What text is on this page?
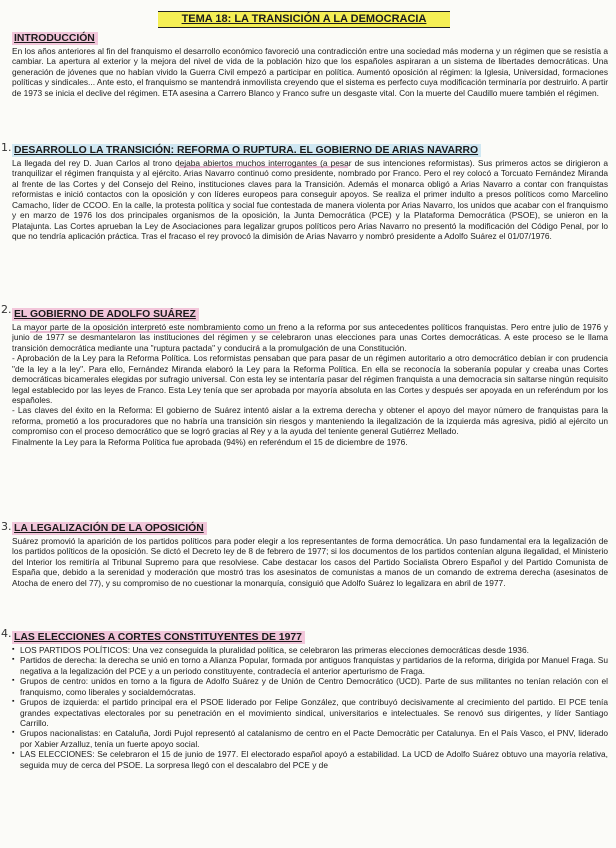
TEMA 18: LA TRANSICIÓN A LA DEMOCRACIA
1.
2.
3.
4.
INTRODUCCIÓN
En los años anteriores al fin del franquismo el desarrollo económico favoreció una contradicción entre una sociedad más moderna y un régimen que se resistía a cambiar. La apertura al exterior y la mejora del nivel de vida de la población hizo que los españoles aspiraran a un sistema de libertades democráticas. Una generación de jóvenes que no habían vivido la Guerra Civil empezó a participar en política. Aumentó oposición al régimen: la Iglesia, Universidad, formaciones políticas y sindicales... Ante esto, el franquismo se mantendrá inmovilista creyendo que el sistema es perfecto cuya modificación terminaría por destruirlo. A partir de 1973 se inicia el declive del régimen. ETA asesina a Carrero Blanco y Franco sufre un desgaste vital. Con la muerte del Caudillo muere también el régimen.
DESARROLLO LA TRANSICIÓN: REFORMA O RUPTURA. EL GOBIERNO DE ARIAS NAVARRO
La llegada del rey D. Juan Carlos al trono dejaba abiertos muchos interrogantes (a pesar de sus intenciones reformistas). Sus primeros actos se dirigieron a tranquilizar el régimen franquista y al ejército. Arias Navarro continuó como presidente, nombrado por Franco. Pero el rey colocó a Torcuato Fernández Miranda al frente de las Cortes y del Consejo del Reino, instituciones claves para la Transición. Además el monarca obligó a Arias Navarro a contar con franquistas reformistas e inició contactos con la oposición y con líderes europeos para conseguir apoyos. Se realiza el primer indulto a presos políticos como Marcelino Camacho, líder de CCOO. En la calle, la protesta política y social fue contestada de manera violenta por Arias Navarro, los unidos que acabar con el franquismo y en marzo de 1976 los dos principales organismos de la oposición, la Junta Democrática (PCE) y la Plataforma Democrática (PSOE), se unieron en la Platajunta. Las Cortes aprueban la Ley de Asociaciones para legalizar grupos políticos pero Arias Navarro no presentó la modificación del Código Penal, por lo que no tendría aplicación práctica. Tras el fracaso el rey provocó la dimisión de Arias Navarro y nombró presidente a Adolfo Suárez el 01/07/1976.
EL GOBIERNO DE ADOLFO SUÁREZ

La mayor parte de la oposición interpretó este nombramiento como un freno a la reforma por sus antecedentes políticos franquistas. Pero entre julio de 1976 y junio de 1977 se desmantelaron las instituciones del régimen y se celebraron unas elecciones para unas Cortes democráticas. A este proceso se le llama transición democrática mediante una "ruptura pactada" y conducirá a la promulgación de una Constitución.

- Aprobación de la Ley para la Reforma Política. Los reformistas pensaban que para pasar de un régimen autoritario a otro democrático debían ir con prudencia "de la ley a la ley". Para ello, Fernández Miranda elaboró la Ley para la Reforma Política. En ella se reconocía la soberanía popular y creaba unas Cortes democráticas bicamerales elegidas por sufragio universal. Con esta ley se intentaría pasar del régimen franquista a una democracia sin saltarse ningún requisito legal establecido por las leyes de Franco. Esta Ley tenía que ser aprobada por mayoría absoluta en las Cortes y después ser apoyada en un referéndum por los españoles.

- Las claves del éxito en la Reforma: El gobierno de Suárez intentó aislar a la extrema derecha y obtener el apoyo del mayor número de franquistas para la reforma, prometió a los procuradores que no habría una transición sin riesgos y manteniendo la ilegalización de la izquierda más agresiva, pidió al ejército un compromiso con el proceso democrático que se logró gracias al Rey y a la ayuda del teniente general Gutiérrez Mellado.

Finalmente la Ley para la Reforma Política fue aprobada (94%) en referéndum el 15 de diciembre de 1976.

LA LEGALIZACIÓN DE LA OPOSICIÓN
Suárez promovió la aparición de los partidos políticos para poder elegir a los representantes de forma democrática. Un paso fundamental era la legalización de los partidos políticos de la oposición. Se dictó el Decreto ley de 8 de febrero de 1977; si los documentos de los partidos contenían alguna ilegalidad, el Ministerio del Interior los remitiría al Tribunal Supremo para que resolviese. Cabe destacar los casos del Partido Socialista Obrero Español y del Partido Comunista de España que, debido a la serenidad y moderación que mostró tras los asesinatos de comunistas a manos de un comando de extrema derecha (asesinatos de Atocha de enero del 77), y su compromiso de no cuestionar la monarquía, consiguió que Adolfo Suárez lo legalizara en abril de 1977.
LAS ELECCIONES A CORTES CONSTITUYENTES DE 1977
▪ LOS PARTIDOS POLÍTICOS: Una vez conseguida la pluralidad política, se celebraron las primeras elecciones democráticas desde 1936.
▪ Partidos de derecha: la derecha se unió en torno a Alianza Popular, formada por antiguos franquistas y partidarios de la reforma, dirigida por Manuel Fraga. Su negativa a la legalización del PCE y a un periodo constituyente, contradecía el anterior aperturismo de Fraga.
▪ Grupos de centro: unidos en torno a la figura de Adolfo Suárez y de Unión de Centro Democrático (UCD). Parte de sus militantes no tenían relación con el franquismo, como liberales y socialdemócratas.
▪ Grupos de izquierda: el partido principal era el PSOE liderado por Felipe González, que contribuyó decisivamente al crecimiento del partido. El PCE tenía grandes expectativas electorales por su penetración en el movimiento sindical, universitarios e intelectuales. Se renovó sus dirigentes, y líder Santiago Carrillo.
▪ Grupos nacionalistas: en Cataluña, Jordi Pujol representó al catalanismo de centro en el Pacte Democràtic per Catalunya. En el País Vasco, el PNV, liderado por Xabier Arzalluz, tenía un fuerte apoyo social.
▪ LAS ELECCIONES: Se celebraron el 15 de junio de 1977. El electorado español apoyó a estabilidad. La UCD de Adolfo Suárez obtuvo una mayoría relativa, seguida muy de cerca del PSOE. La sorpresa llegó con el descalabro del PCE y de
